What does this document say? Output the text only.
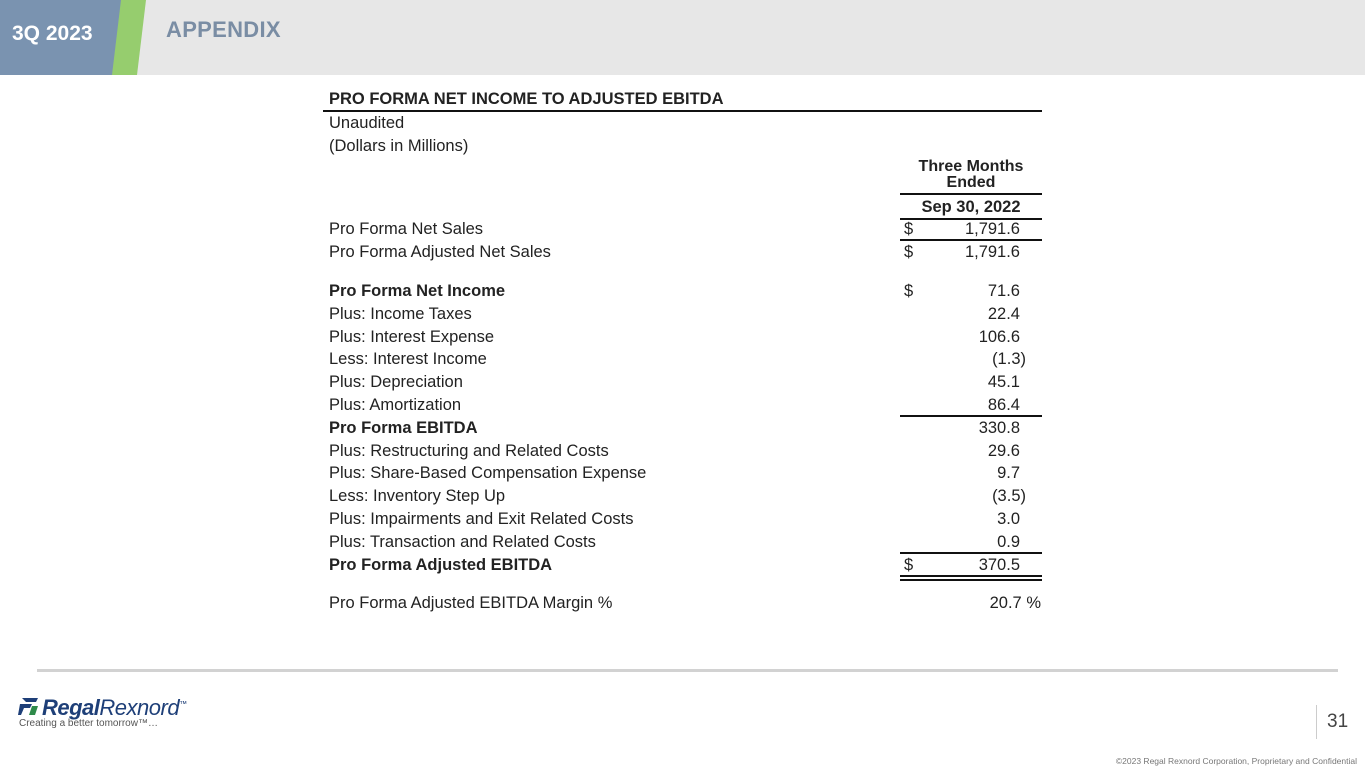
3Q 2023	APPENDIX
PRO FORMA NET INCOME TO ADJUSTED EBITDA
Unaudited
(Dollars in Millions)
Three Months Ended
Sep 30, 2022
Pro Forma Net Sales	$	1,791.6
Pro Forma Adjusted Net Sales	$	1,791.6
Pro Forma Net Income	$	71.6
Plus: Income Taxes	22.4
Plus: Interest Expense	106.6
Less: Interest Income	(1.3)
Plus: Depreciation	45.1
Plus: Amortization	86.4
Pro Forma EBITDA	330.8
Plus: Restructuring and Related Costs	29.6
Plus: Share-Based Compensation Expense	9.7
Less: Inventory Step Up	(3.5)
Plus: Impairments and Exit Related Costs	3.0
Plus: Transaction and Related Costs	0.9
Pro Forma Adjusted EBITDA	$	370.5
Pro Forma Adjusted EBITDA Margin %	20.7 %
RegalRexnord™
Creating a better tomorrow™…	31
©2023 Regal Rexnord Corporation, Proprietary and Confidential
